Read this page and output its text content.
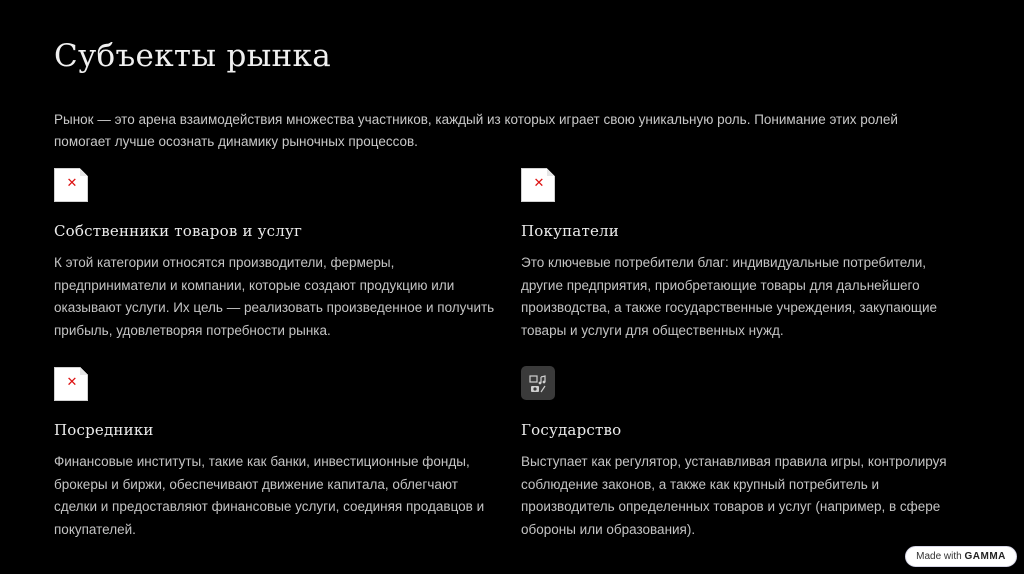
Субъекты рынка

Рынок — это арена взаимодействия множества участников, каждый из которых играет свою уникальную роль. Понимание этих ролей помогает лучше осознать динамику рыночных процессов.

✕
Собственники товаров и услуг

К этой категории относятся производители, фермеры, предприниматели и компании, которые создают продукцию или оказывают услуги. Их цель — реализовать произведенное и получить прибыль, удовлетворяя потребности рынка.

✕
Покупатели

Это ключевые потребители благ: индивидуальные потребители, другие предприятия, приобретающие товары для дальнейшего производства, а также государственные учреждения, закупающие товары и услуги для общественных нужд.

✕
Посредники

Финансовые институты, такие как банки, инвестиционные фонды, брокеры и биржи, обеспечивают движение капитала, облегчают сделки и предоставляют финансовые услуги, соединяя продавцов и покупателей.

Государство

Выступает как регулятор, устанавливая правила игры, контролируя соблюдение законов, а также как крупный потребитель и производитель определенных товаров и услуг (например, в сфере обороны или образования).

Made with GAMMA
